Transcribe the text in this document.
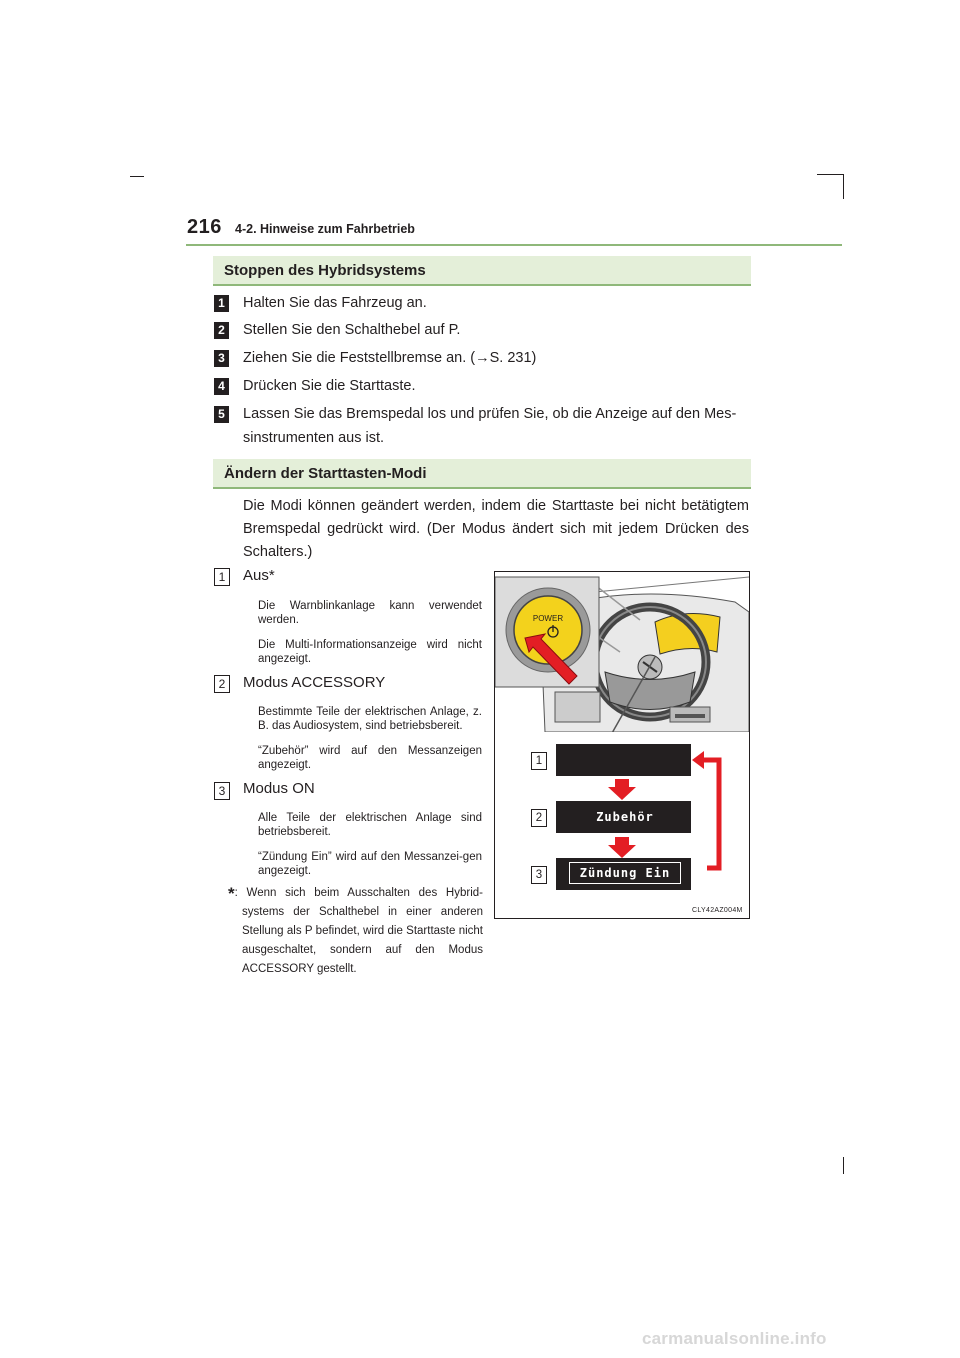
216 4-2. Hinweise zum Fahrbetrieb
Stoppen des Hybridsystems
1 Halten Sie das Fahrzeug an.
2 Stellen Sie den Schalthebel auf P.
3 Ziehen Sie die Feststellbremse an. (→S. 231)
4 Drücken Sie die Starttaste.
5 Lassen Sie das Bremspedal los und prüfen Sie, ob die Anzeige auf den Mes-
sinstrumenten aus ist.
Ändern der Starttasten-Modi
Die Modi können geändert werden, indem die Starttaste bei nicht betätigtem Bremspedal gedrückt wird. (Der Modus ändert sich mit jedem Drücken des Schalters.)
1	Aus*
Die Warnblinkanlage kann verwendet werden.
Die Multi-Informationsanzeige wird nicht angezeigt.
2	Modus ACCESSORY
Bestimmte Teile der elektrischen Anlage, z. B. das Audiosystem, sind betriebsbereit.
“Zubehör” wird auf den Messanzeigen angezeigt.
3	Modus ON
Alle Teile der elektrischen Anlage sind betriebsbereit.
“Zündung Ein” wird auf den Messanzei-gen angezeigt.
*: Wenn sich beim Ausschalten des Hybrid-systems der Schalthebel in einer anderen Stellung als P befindet, wird die Starttaste nicht ausgeschaltet, sondern auf den Modus ACCESSORY gestellt.
POWER
Zubehör
Zündung Ein
1
2
3
CLY42AZ004M
carmanualsonline.info
